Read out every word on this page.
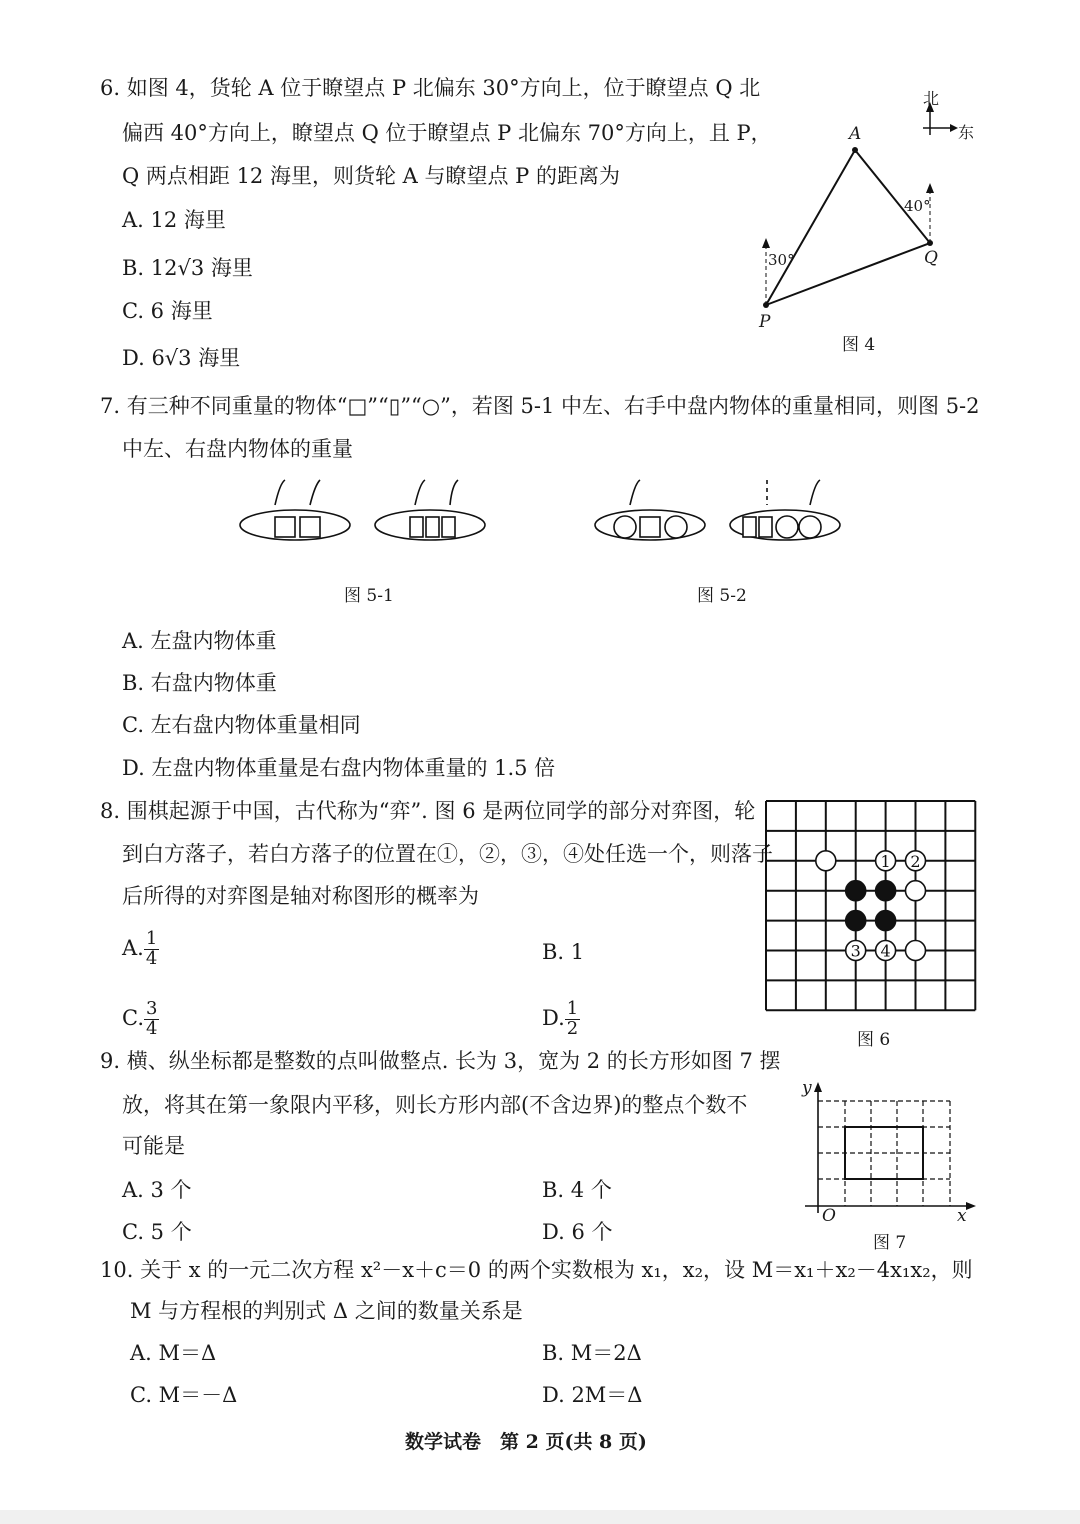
6. 如图 4，货轮 A 位于瞭望点 P 北偏东 30°方向上，位于瞭望点 Q 北
偏西 40°方向上，瞭望点 Q 位于瞭望点 P 北偏东 70°方向上，且 P，
Q 两点相距 12 海里，则货轮 A 与瞭望点 P 的距离为
A. 12 海里
B. 12√3 海里
C. 6 海里
D. 6√3 海里
北
东
A
P
Q
30°
40°
图 4
7. 有三种不同重量的物体“□”“▯”“○”，若图 5-1 中左、右手中盘内物体的重量相同，则图 5-2
中左、右盘内物体的重量
图 5-1	图 5-2
A. 左盘内物体重
B. 右盘内物体重
C. 左右盘内物体重量相同
D. 左盘内物体重量是右盘内物体重量的 1.5 倍
8. 围棋起源于中国，古代称为“弈”. 图 6 是两位同学的部分对弈图，轮
到白方落子，若白方落子的位置在①，②，③，④处任选一个，则落子
后所得的对弈图是轴对称图形的概率为
A. $\frac{1}{4}$	B. 1
C. $\frac{3}{4}$	D. $\frac{1}{2}$
1 2
3 4
图 6
9. 横、纵坐标都是整数的点叫做整点. 长为 3，宽为 2 的长方形如图 7 摆
放，将其在第一象限内平移，则长方形内部(不含边界)的整点个数不
可能是
A. 3 个	B. 4 个
C. 5 个	D. 6 个
y
x
O
图 7
10. 关于 x 的一元二次方程 x²－x＋c＝0 的两个实数根为 x₁，x₂，设 M＝x₁＋x₂－4x₁x₂，则
M 与方程根的判别式 Δ 之间的数量关系是
A. M＝Δ	B. M＝2Δ
C. M＝－Δ	D. 2M＝Δ
数学试卷　第 2 页(共 8 页)
